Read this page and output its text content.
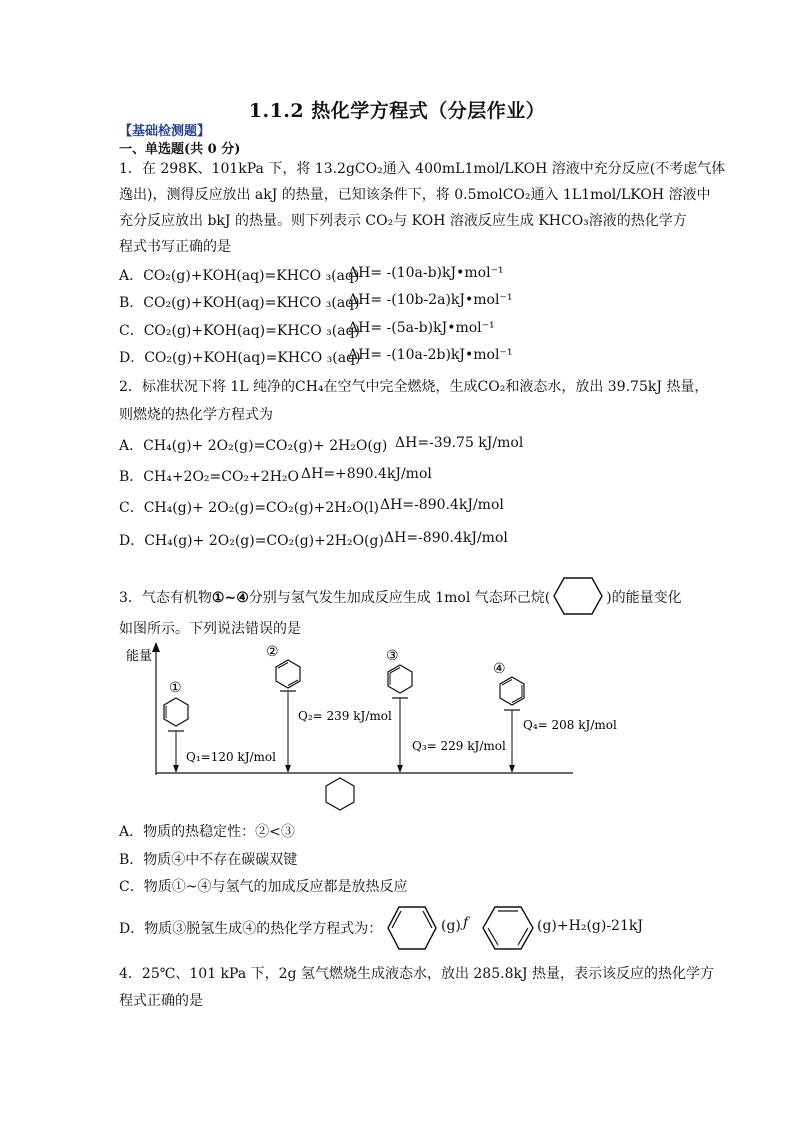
1.1.2 热化学方程式（分层作业）
【基础检测题】
一、单选题(共 0 分)
1．在 298K、101kPa 下，将 13.2gCO₂通入 400mL1mol/LKOH 溶液中充分反应(不考虑气体
逸出)，测得反应放出 akJ 的热量，已知该条件下，将 0.5molCO₂通入 1L1mol/LKOH 溶液中
充分反应放出 bkJ 的热量。则下列表示 CO₂与 KOH 溶液反应生成 KHCO₃溶液的热化学方
程式书写正确的是
A．CO₂(g)+KOH(aq)=KHCO ₃(aq)
ΔH= -(10a-b)kJ•mol⁻¹
B．CO₂(g)+KOH(aq)=KHCO ₃(aq)
ΔH= -(10b-2a)kJ•mol⁻¹
C．CO₂(g)+KOH(aq)=KHCO ₃(aq)
ΔH= -(5a-b)kJ•mol⁻¹
D．CO₂(g)+KOH(aq)=KHCO ₃(aq)
ΔH= -(10a-2b)kJ•mol⁻¹
2．标准状况下将 1L 纯净的CH₄在空气中完全燃烧，生成CO₂和液态水，放出 39.75kJ 热量，
则燃烧的热化学方程式为
A．CH₄(g)+ 2O₂(g)=CO₂(g)+ 2H₂O(g) ΔH=-39.75 kJ/mol
B．CH₄+2O₂=CO₂+2H₂O ΔH=+890.4kJ/mol
C．CH₄(g)+ 2O₂(g)=CO₂(g)+2H₂O(l) ΔH=-890.4kJ/mol
D．CH₄(g)+ 2O₂(g)=CO₂(g)+2H₂O(g) ΔH=-890.4kJ/mol
3．气态有机物①~④分别与氢气发生加成反应生成 1mol 气态环己烷(	)的能量变化
如图所示。下列说法错误的是
能量
①
Q₁=120 kJ/mol
②
Q₂= 239 kJ/mol
③
Q₃= 229 kJ/mol
④
Q₄= 208 kJ/mol
A．物质的热稳定性：②<③
B．物质④中不存在碳碳双键
C．物质①~④与氢气的加成反应都是放热反应
D．物质③脱氢生成④的热化学方程式为：	(g) ƒ	(g)+H₂(g)-21kJ
4．25℃、101 kPa 下，2g 氢气燃烧生成液态水，放出 285.8kJ 热量，表示该反应的热化学方
程式正确的是
